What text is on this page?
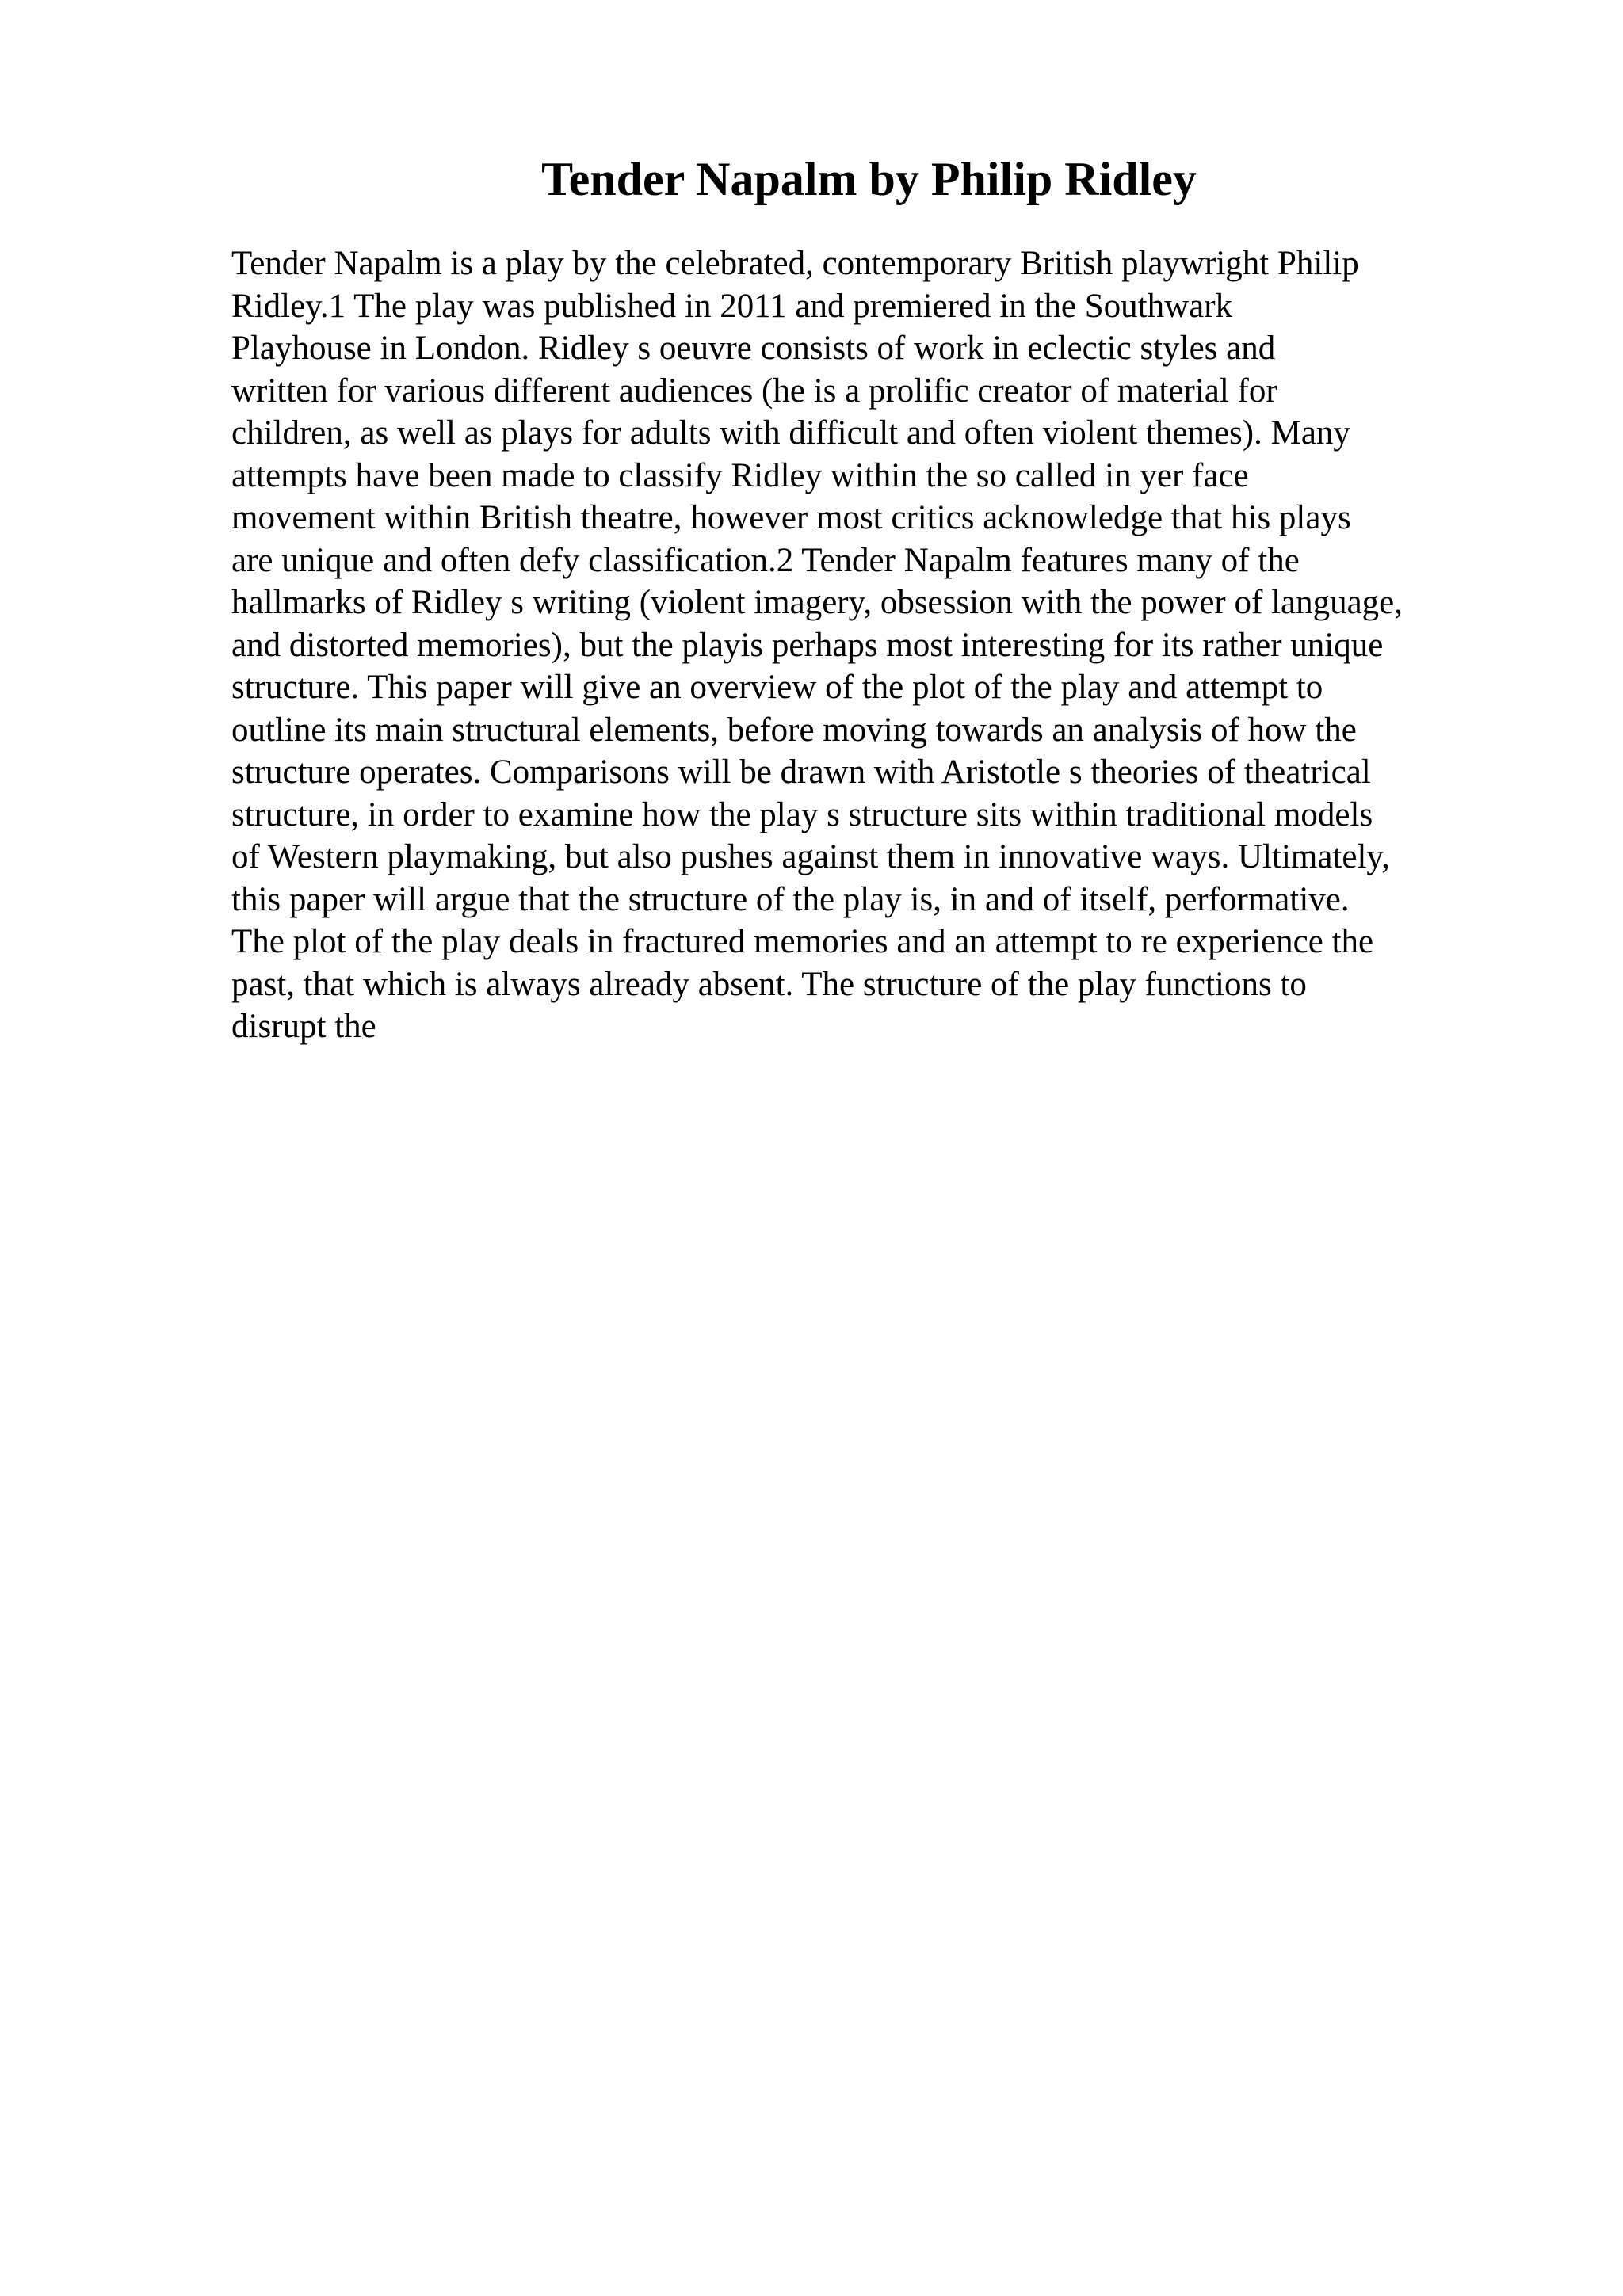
Tender Napalm by Philip Ridley
Tender Napalm is a play by the celebrated, contemporary British playwright Philip
Ridley.1 The play was published in 2011 and premiered in the Southwark
Playhouse in London. Ridley s oeuvre consists of work in eclectic styles and
written for various different audiences (he is a prolific creator of material for
children, as well as plays for adults with difficult and often violent themes). Many
attempts have been made to classify Ridley within the so called in yer face
movement within British theatre, however most critics acknowledge that his plays
are unique and often defy classification.2 Tender Napalm features many of the
hallmarks of Ridley s writing (violent imagery, obsession with the power of language,
and distorted memories), but the playis perhaps most interesting for its rather unique
structure. This paper will give an overview of the plot of the play and attempt to
outline its main structural elements, before moving towards an analysis of how the
structure operates. Comparisons will be drawn with Aristotle s theories of theatrical
structure, in order to examine how the play s structure sits within traditional models
of Western playmaking, but also pushes against them in innovative ways. Ultimately,
this paper will argue that the structure of the play is, in and of itself, performative.
The plot of the play deals in fractured memories and an attempt to re experience the
past, that which is always already absent. The structure of the play functions to
disrupt the
